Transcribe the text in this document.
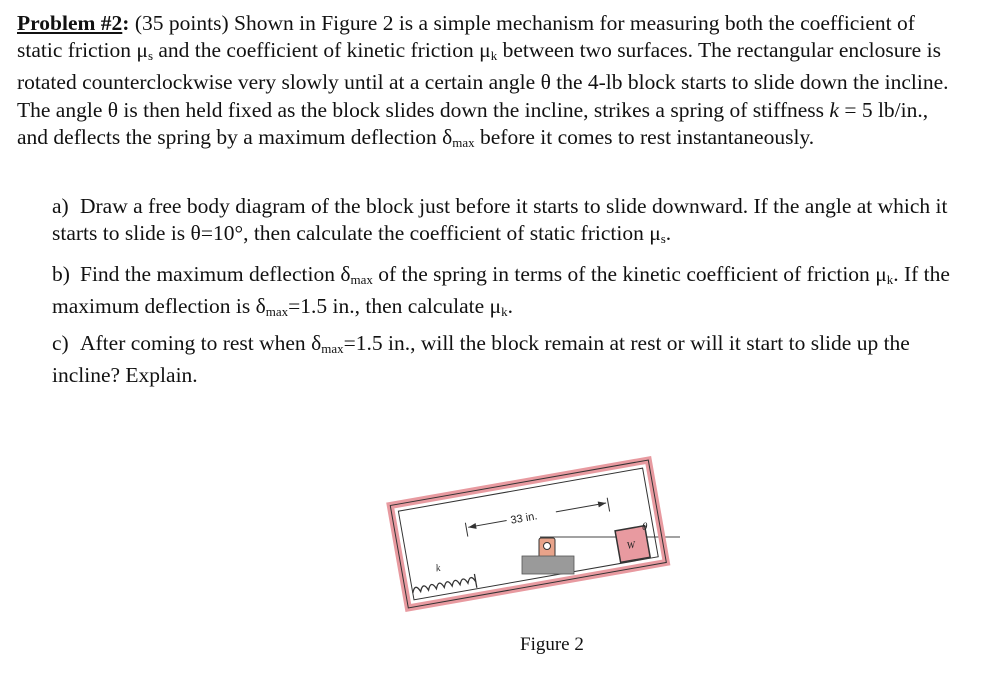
Problem #2: (35 points) Shown in Figure 2 is a simple mechanism for measuring both the coefficient of static friction $\mu_s$ and the coefficient of kinetic friction $\mu_k$ between two surfaces. The rectangular enclosure is rotated counterclockwise very slowly until at a certain angle θ the 4-lb block starts to slide down the incline. The angle θ is then held fixed as the block slides down the incline, strikes a spring of stiffness k = 5 lb/in., and deflects the spring by a maximum deflection $\delta_{max}$ before it comes to rest instantaneously.
a) Draw a free body diagram of the block just before it starts to slide downward. If the angle at which it starts to slide is θ=10°, then calculate the coefficient of static friction $\mu_s$.
b) Find the maximum deflection $\delta_{max}$ of the spring in terms of the kinetic coefficient of friction $\mu_k$. If the maximum deflection is $\delta_{max}=1.5$ in., then calculate $\mu_k$.
c) After coming to rest when $\delta_{max}=1.5$ in., will the block remain at rest or will it start to slide up the incline? Explain.
33 in.
W
k
θ
Figure 2
